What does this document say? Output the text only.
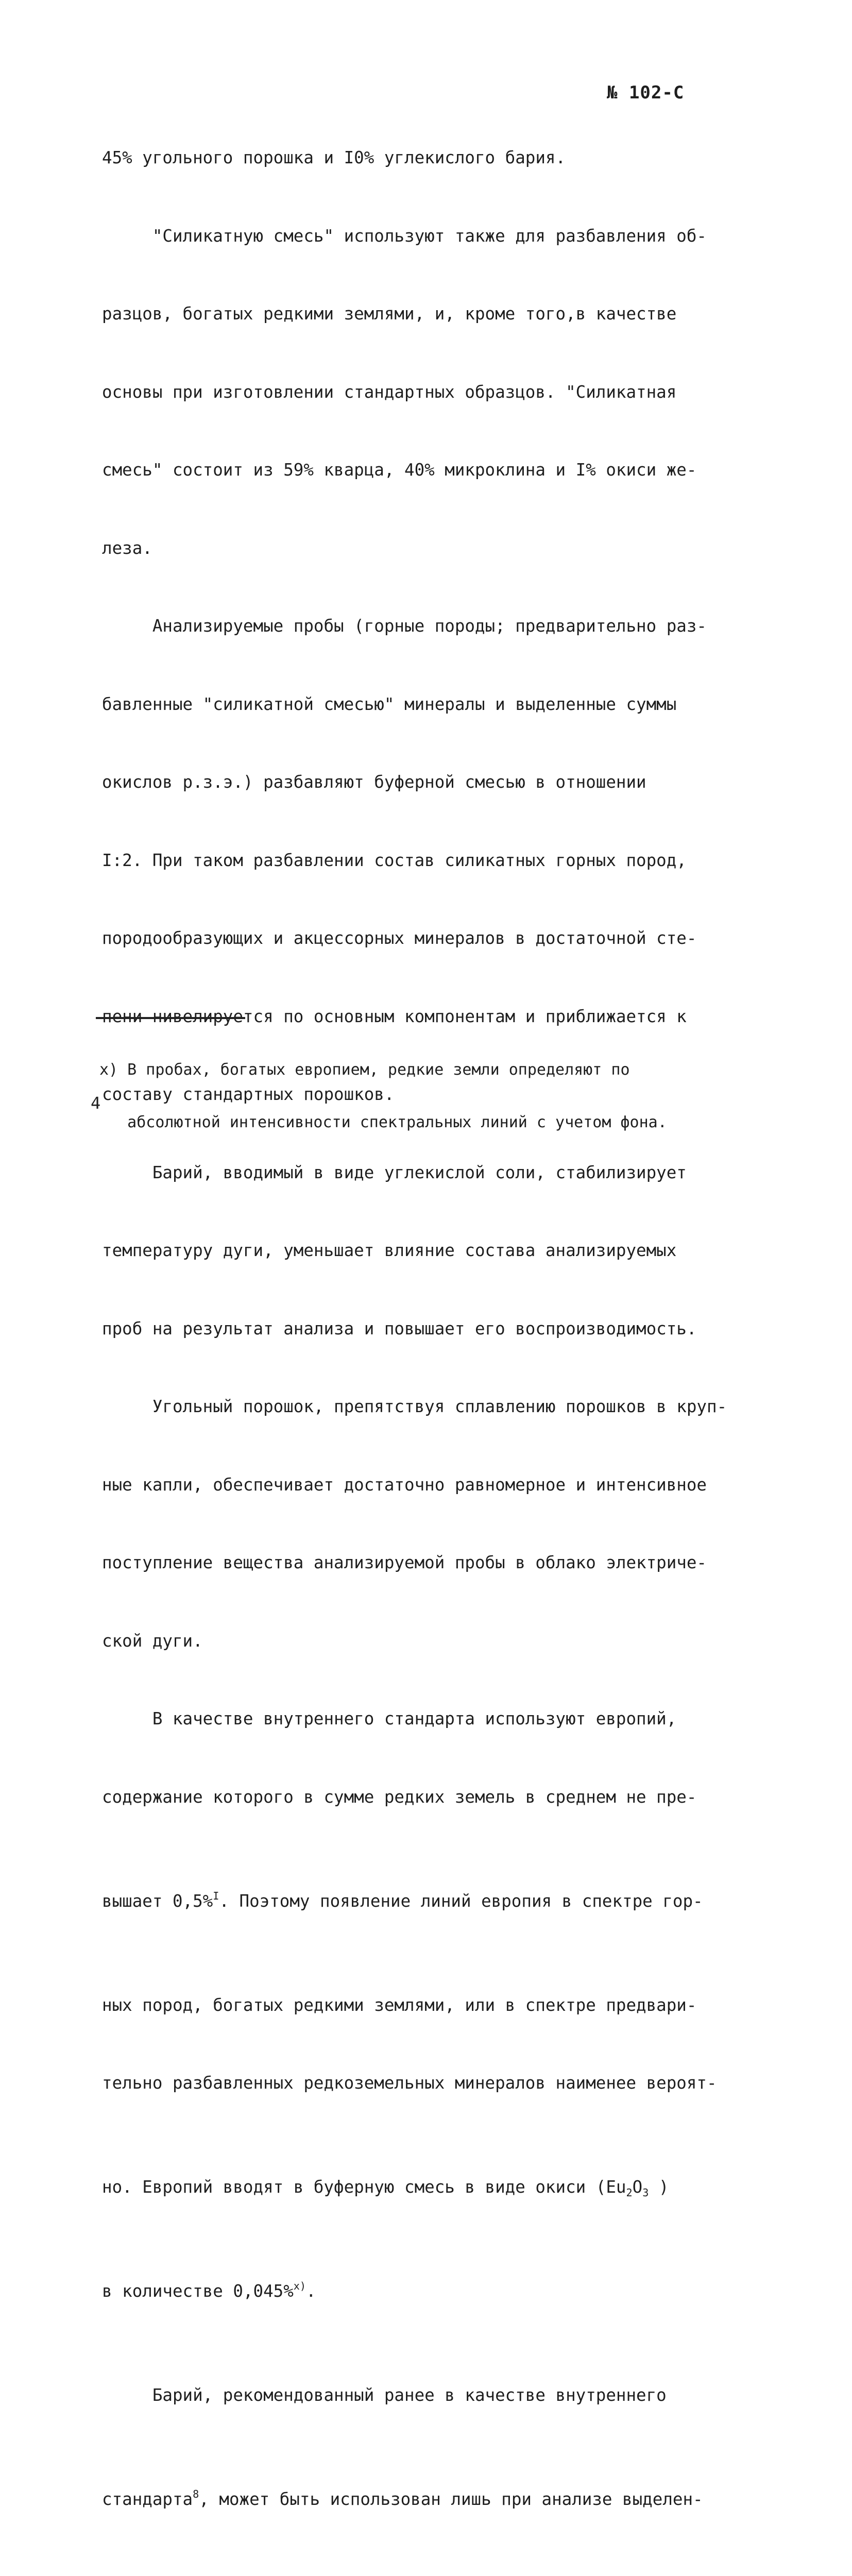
№ 102-С

45% угольного порошка и I0% углекислого бария.

"Силикатную смесь" используют также для разбавления об-

разцов, богатых редкими землями, и, кроме того,в качестве

основы при изготовлении стандартных образцов. "Силикатная

смесь" состоит из 59% кварца, 40% микроклина и I% окиси же-

леза.

Анализируемые пробы (горные породы; предварительно раз-

бавленные "силикатной смесью" минералы и выделенные суммы

окислов р.з.э.) разбавляют буферной смесью в отношении

I:2. При таком разбавлении состав силикатных горных пород,

породообразующих и акцессорных минералов в достаточной сте-

пени нивелируется по основным компонентам и приближается к

составу стандартных порошков.

Барий, вводимый в виде углекислой соли, стабилизирует

температуру дуги, уменьшает влияние состава анализируемых

проб на результат анализа и повышает его воспроизводимость.

Угольный порошок, препятствуя сплавлению порошков в круп-

ные капли, обеспечивает достаточно равномерное и интенсивное

поступление вещества анализируемой пробы в облако электриче-

ской дуги.

В качестве внутреннего стандарта используют европий,

содержание которого в сумме редких земель в среднем не пре-

вышает 0,5%$^I$. Поэтому появление линий европия в спектре гор-

ных пород, богатых редкими землями, или в спектре предвари-

тельно разбавленных редкоземельных минералов наименее вероят-

но. Европий вводят в буферную смесь в виде окиси ($Eu_2O_3$ )

в количестве 0,045%$^{x)}$.

Барий, рекомендованный ранее в качестве внутреннего

стандарта$^8$, может быть использован лишь при анализе выделен-

x) В пробах, богатых европием, редкие земли определяют по

абсолютной интенсивности спектральных линий с учетом фона.

4
